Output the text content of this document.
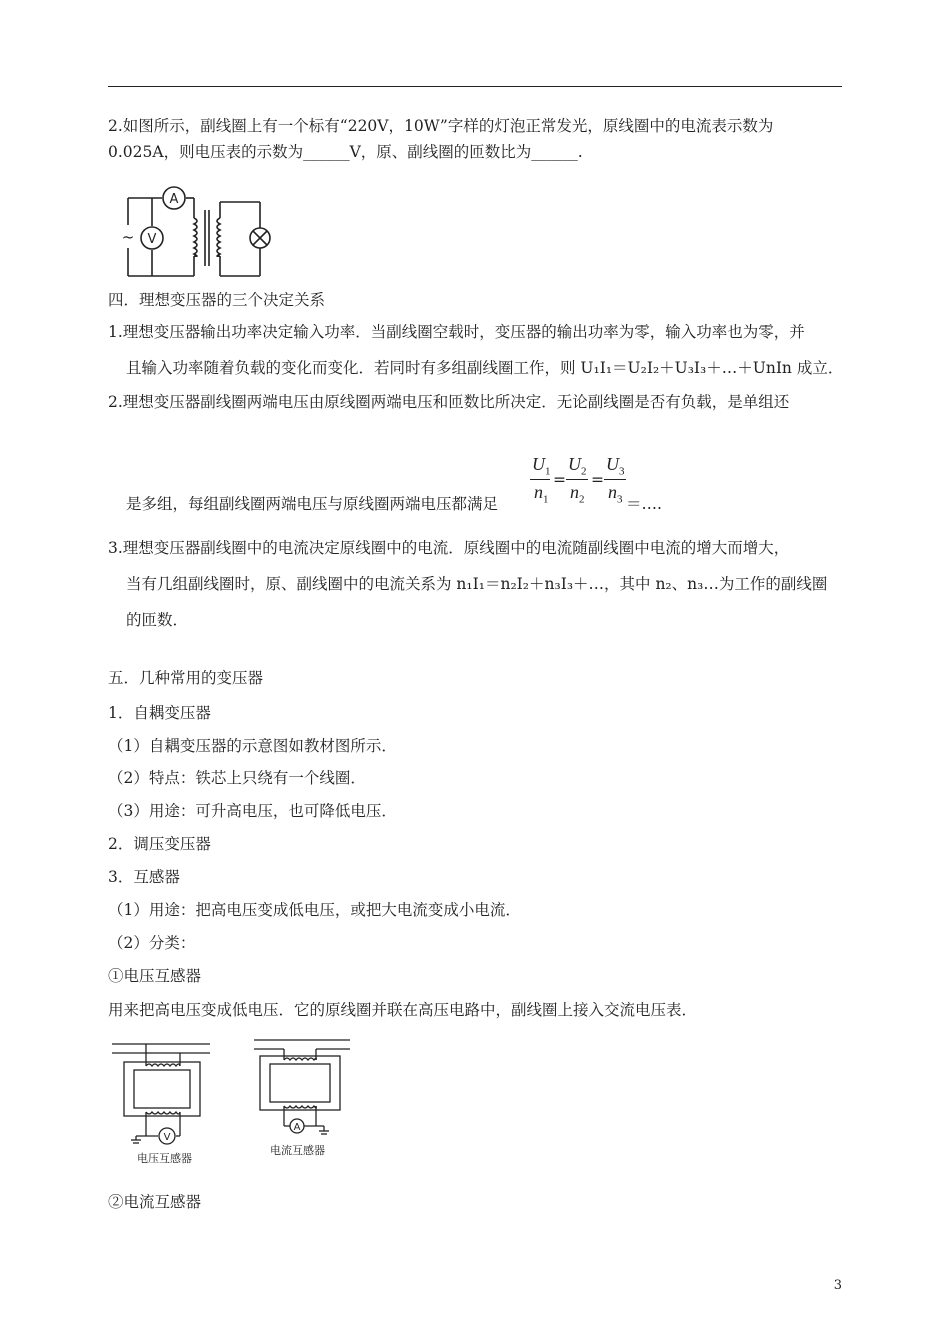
2.如图所示，副线圈上有一个标有“220V，10W”字样的灯泡正常发光，原线圈中的电流表示数为
0.025A，则电压表的示数为______V，原、副线圈的匝数比为______.
A
V
~
四．理想变压器的三个决定关系
1.理想变压器输出功率决定输入功率．当副线圈空载时，变压器的输出功率为零，输入功率也为零，并
且输入功率随着负载的变化而变化．若同时有多组副线圈工作，则 U₁I₁＝U₂I₂＋U₃I₃＋…＋UnIn 成立．
2.理想变压器副线圈两端电压由原线圈两端电压和匝数比所决定．无论副线圈是否有负载，是单组还
是多组，每组副线圈两端电压与原线圈两端电压都满足
$U_1$
$n_1$
=
$U_2$
$n_2$
=
$U_3$
$n_3$ ＝….
3.理想变压器副线圈中的电流决定原线圈中的电流．原线圈中的电流随副线圈中电流的增大而增大，
当有几组副线圈时，原、副线圈中的电流关系为 n₁I₁＝n₂I₂＋n₃I₃＋…，其中 n₂、n₃…为工作的副线圈
的匝数．
五．几种常用的变压器
1．自耦变压器
（1）自耦变压器的示意图如教材图所示．
（2）特点：铁芯上只绕有一个线圈．
（3）用途：可升高电压，也可降低电压．
2．调压变压器
3．互感器
（1）用途：把高电压变成低电压，或把大电流变成小电流．
（2）分类：
①电压互感器
用来把高电压变成低电压．它的原线圈并联在高压电路中，副线圈上接入交流电压表．
V
电压互感器
A
电流互感器
②电流互感器
3
